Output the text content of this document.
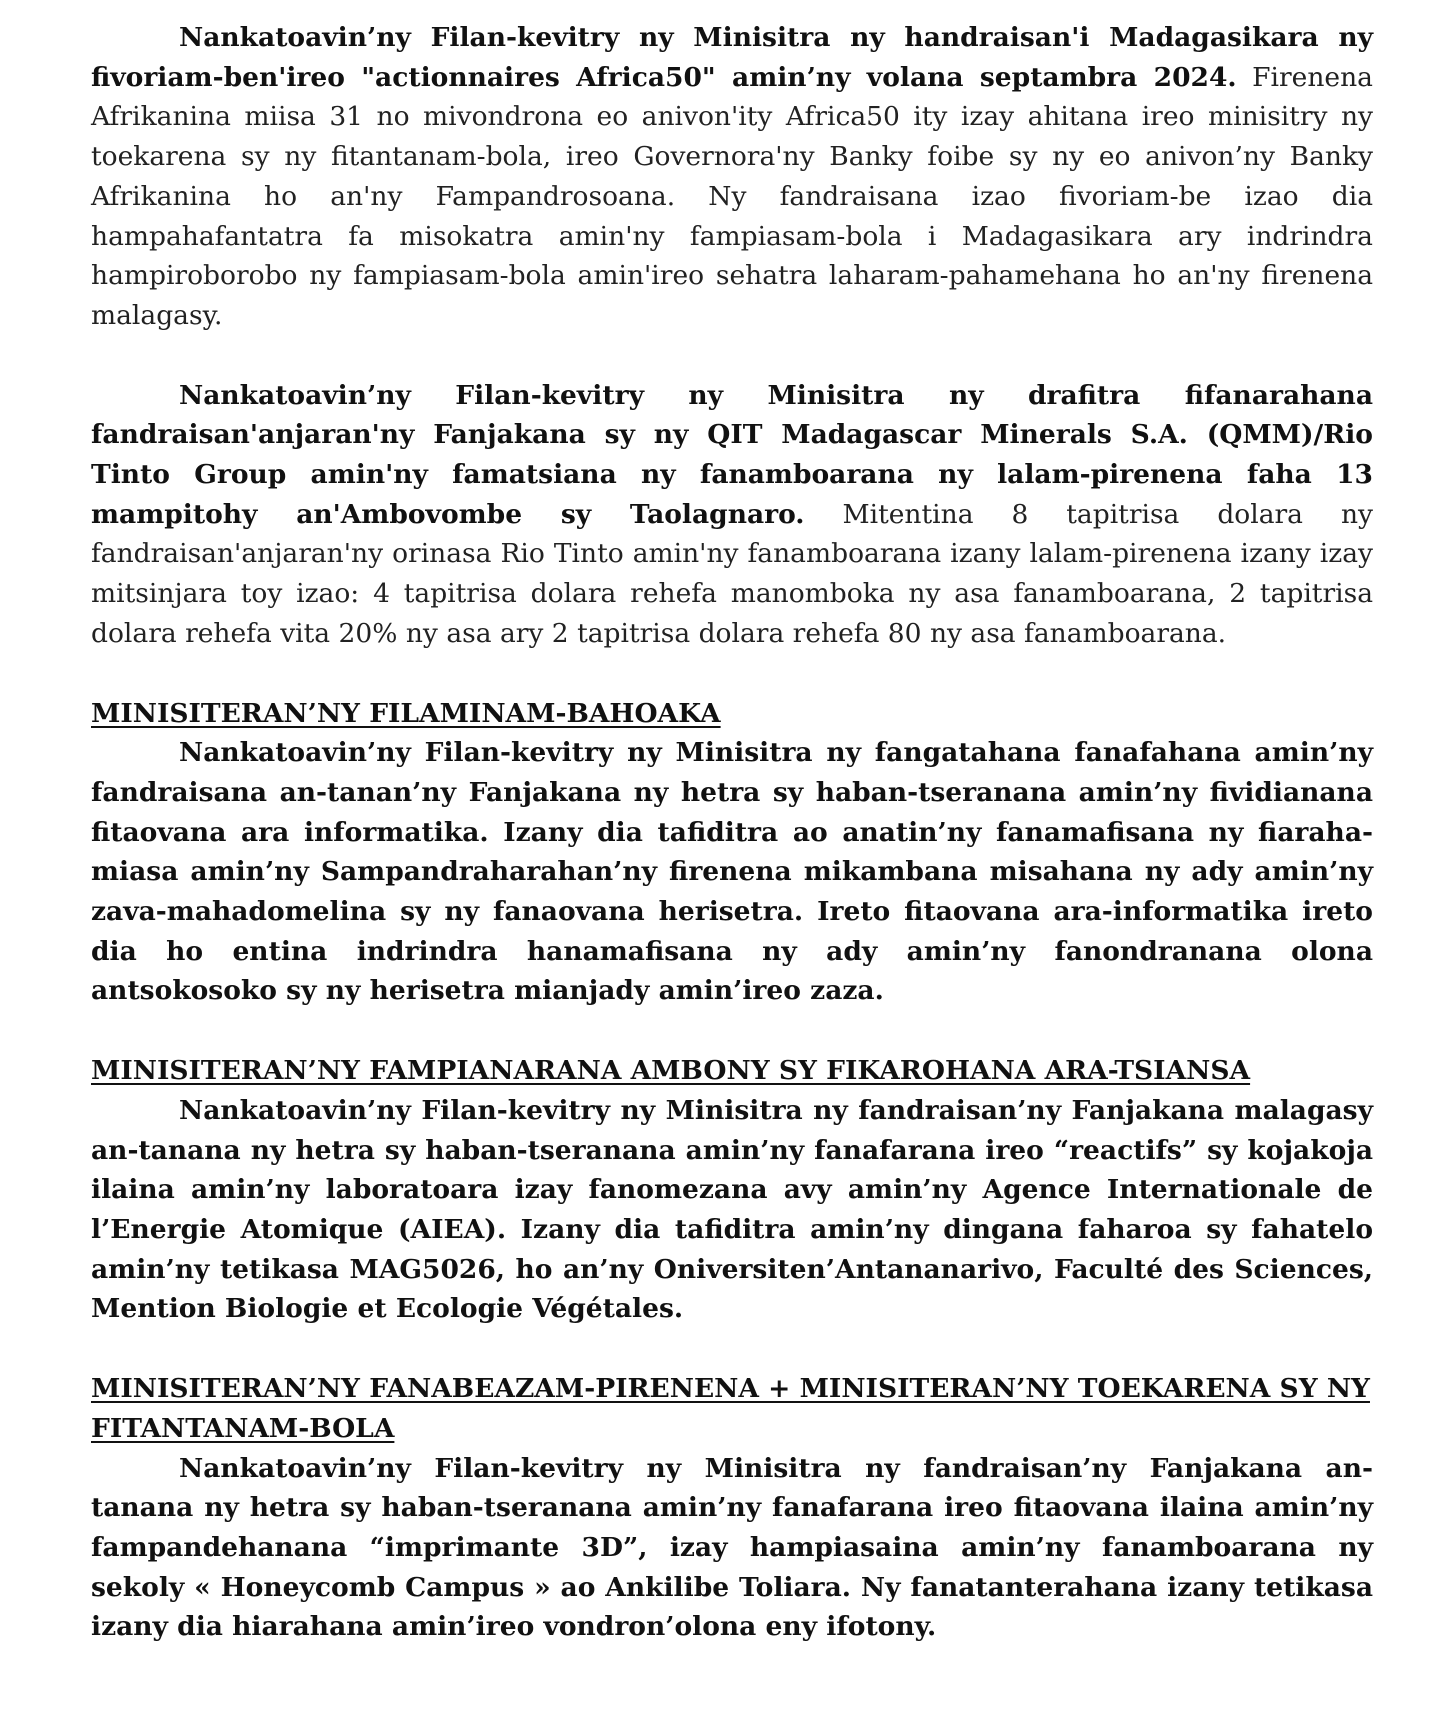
Nankatoavin’ny Filan-kevitry ny Minisitra ny handraisan'i Madagasikara ny fivoriam-ben'ireo "actionnaires Africa50" amin’ny volana septambra 2024. Firenena Afrikanina miisa 31 no mivondrona eo anivon'ity Africa50 ity izay ahitana ireo minisitry ny toekarena sy ny fitantanam-bola, ireo Governora'ny Banky foibe sy ny eo anivon’ny Banky Afrikanina ho an'ny Fampandrosoana. Ny fandraisana izao fivoriam-be izao dia hampahafantatra fa misokatra amin'ny fampiasam-bola i Madagasikara ary indrindra hampiroborobo ny fampiasam-bola amin'ireo sehatra laharam-pahamehana ho an'ny firenena malagasy.

Nankatoavin’ny Filan-kevitry ny Minisitra ny drafitra fifanarahana fandraisan'anjaran'ny Fanjakana sy ny QIT Madagascar Minerals S.A. (QMM)/Rio Tinto Group amin'ny famatsiana ny fanamboarana ny lalam-pirenena faha 13 mampitohy an'Ambovombe sy Taolagnaro. Mitentina 8 tapitrisa dolara ny fandraisan'anjaran'ny orinasa Rio Tinto amin'ny fanamboarana izany lalam-pirenena izany izay mitsinjara toy izao: 4 tapitrisa dolara rehefa manomboka ny asa fanamboarana, 2 tapitrisa dolara rehefa vita 20% ny asa ary 2 tapitrisa dolara rehefa 80 ny asa fanamboarana.

MINISITERAN’NY FILAMINAM-BAHOAKA

Nankatoavin’ny Filan-kevitry ny Minisitra ny fangatahana fanafahana amin’ny fandraisana an-tanan’ny Fanjakana ny hetra sy haban-tseranana amin’ny fividianana fitaovana ara informatika. Izany dia tafiditra ao anatin’ny fanamafisana ny fiaraha-miasa amin’ny Sampandraharahan’ny firenena mikambana misahana ny ady amin’ny zava-mahadomelina sy ny fanaovana herisetra. Ireto fitaovana ara-informatika ireto dia ho entina indrindra hanamafisana ny ady amin’ny fanondranana olona antsokosoko sy ny herisetra mianjady amin’ireo zaza.

MINISITERAN’NY FAMPIANARANA AMBONY SY FIKAROHANA ARA-TSIANSA

Nankatoavin’ny Filan-kevitry ny Minisitra ny fandraisan’ny Fanjakana malagasy an-tanana ny hetra sy haban-tseranana amin’ny fanafarana ireo “reactifs” sy kojakoja ilaina amin’ny laboratoara izay fanomezana avy amin’ny Agence Internationale de l’Energie Atomique (AIEA). Izany dia tafiditra amin’ny dingana faharoa sy fahatelo amin’ny tetikasa MAG5026, ho an’ny Oniversiten’Antananarivo, Faculté des Sciences, Mention Biologie et Ecologie Végétales.

MINISITERAN’NY FANABEAZAM-PIRENENA + MINISITERAN’NY TOEKARENA SY NY FITANTANAM-BOLA

Nankatoavin’ny Filan-kevitry ny Minisitra ny fandraisan’ny Fanjakana an-tanana ny hetra sy haban-tseranana amin’ny fanafarana ireo fitaovana ilaina amin’ny fampandehanana “imprimante 3D”, izay hampiasaina amin’ny fanamboarana ny sekoly « Honeycomb Campus » ao Ankilibe Toliara. Ny fanatanterahana izany tetikasa izany dia hiarahana amin’ireo vondron’olona eny ifotony.
